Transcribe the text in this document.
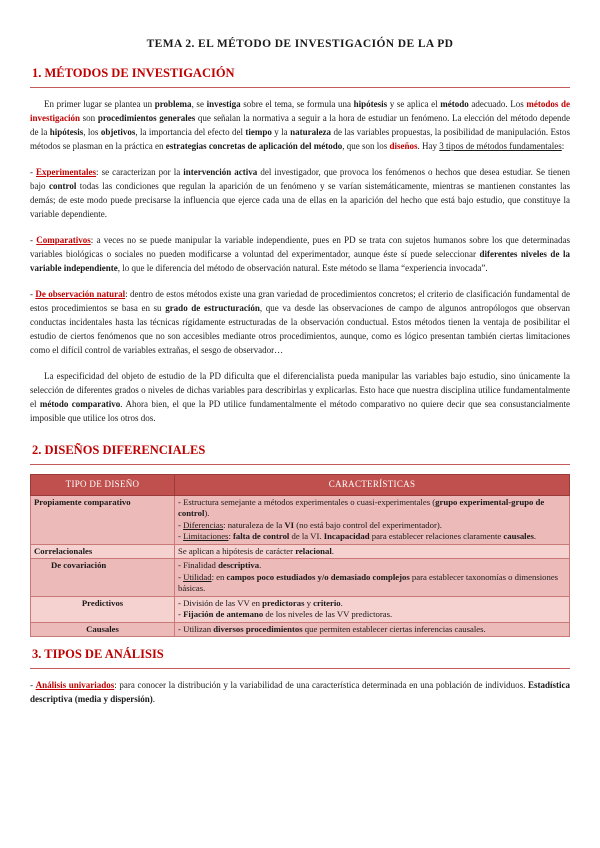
TEMA 2. EL MÉTODO DE INVESTIGACIÓN DE LA PD
1. MÉTODOS DE INVESTIGACIÓN

En primer lugar se plantea un problema, se investiga sobre el tema, se formula una hipótesis y se aplica el método adecuado. Los métodos de investigación son procedimientos generales que señalan la normativa a seguir a la hora de estudiar un fenómeno. La elección del método depende de la hipótesis, los objetivos, la importancia del efecto del tiempo y la naturaleza de las variables propuestas, la posibilidad de manipulación. Estos métodos se plasman en la práctica en estrategias concretas de aplicación del método, que son los diseños. Hay 3 tipos de métodos fundamentales:

- Experimentales: se caracterizan por la intervención activa del investigador, que provoca los fenómenos o hechos que desea estudiar. Se tienen bajo control todas las condiciones que regulan la aparición de un fenómeno y se varían sistemáticamente, mientras se mantienen constantes las demás; de este modo puede precisarse la influencia que ejerce cada una de ellas en la aparición del hecho que está bajo estudio, que constituye la variable dependiente.

- Comparativos: a veces no se puede manipular la variable independiente, pues en PD se trata con sujetos humanos sobre los que determinadas variables biológicas o sociales no pueden modificarse a voluntad del experimentador, aunque éste sí puede seleccionar diferentes niveles de la variable independiente, lo que le diferencia del método de observación natural. Este método se llama “experiencia invocada”.

- De observación natural: dentro de estos métodos existe una gran variedad de procedimientos concretos; el criterio de clasificación fundamental de estos procedimientos se basa en su grado de estructuración, que va desde las observaciones de campo de algunos antropólogos que observan conductas incidentales hasta las técnicas rígidamente estructuradas de la observación conductual. Estos métodos tienen la ventaja de posibilitar el estudio de ciertos fenómenos que no son accesibles mediante otros procedimientos, aunque, como es lógico presentan también ciertas limitaciones como el difícil control de variables extrañas, el sesgo de observador…

La especificidad del objeto de estudio de la PD dificulta que el diferencialista pueda manipular las variables bajo estudio, sino únicamente la selección de diferentes grados o niveles de dichas variables para describirlas y explicarlas. Esto hace que nuestra disciplina utilice fundamentalmente el método comparativo. Ahora bien, el que la PD utilice fundamentalmente el método comparativo no quiere decir que sea consustancialmente imposible que utilice los otros dos.

2. DISEÑOS DIFERENCIALES
TIPO DE DISEÑO	CARACTERÍSTICAS
Propiamente comparativo	- Estructura semejante a métodos experimentales o cuasi-experimentales (grupo experimental-grupo de control).
- Diferencias: naturaleza de la VI (no está bajo control del experimentador).
- Limitaciones: falta de control de la VI. Incapacidad para establecer relaciones claramente causales.

Correlacionales	Se aplican a hipótesis de carácter relacional.

De covariación	- Finalidad descriptiva.
- Utilidad: en campos poco estudiados y/o demasiado complejos para establecer taxonomías o dimensiones básicas.

Predictivos	- División de las VV en predictoras y criterio.
- Fijación de antemano de los niveles de las VV predictoras.

Causales	- Utilizan diversos procedimientos que permiten establecer ciertas inferencias causales.
3. TIPOS DE ANÁLISIS

- Análisis univariados: para conocer la distribución y la variabilidad de una característica determinada en una población de individuos. Estadística descriptiva (media y dispersión).
